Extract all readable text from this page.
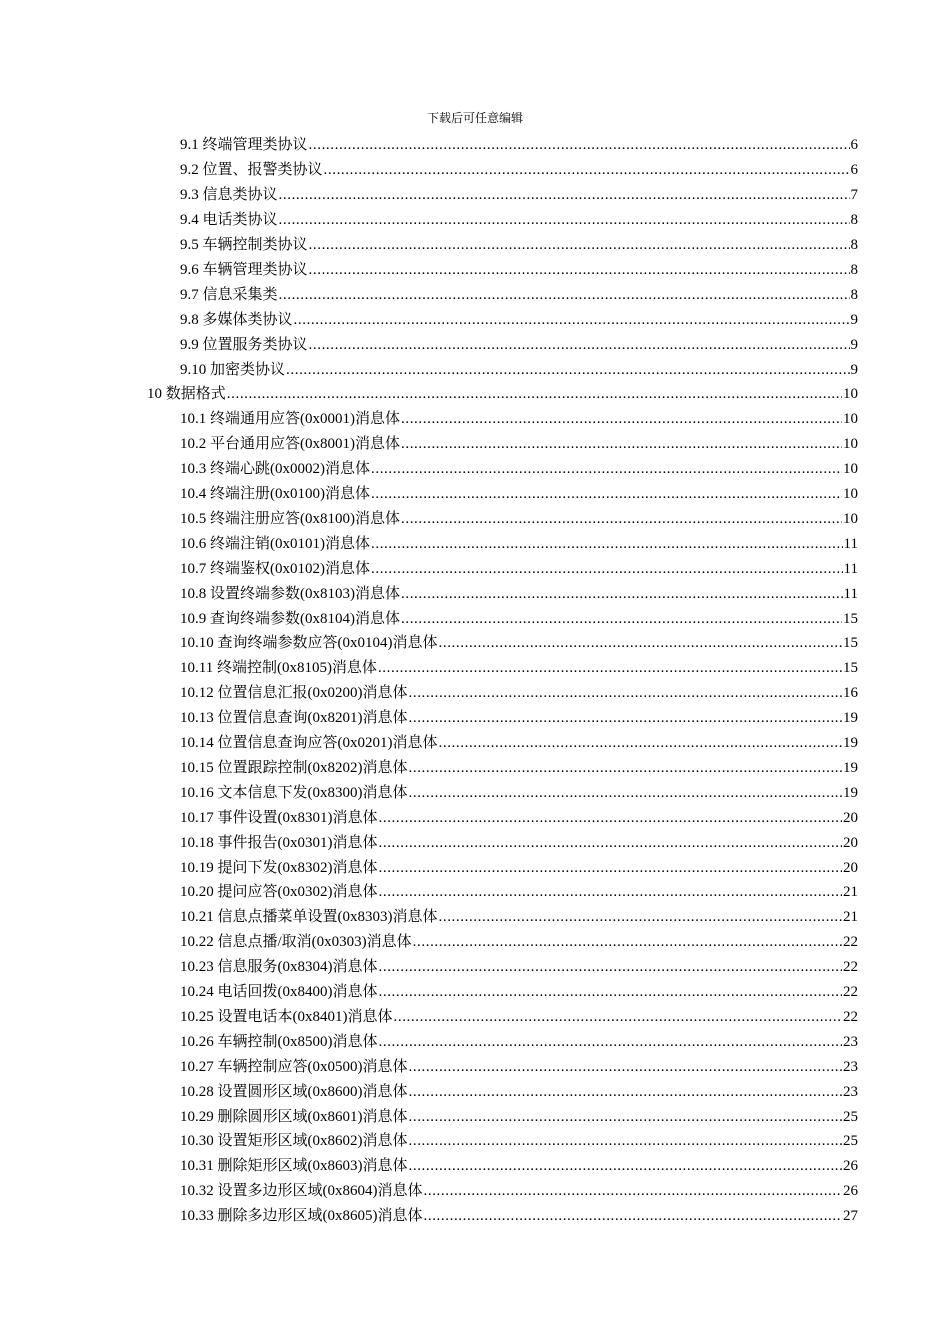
下载后可任意编辑
9.1 终端管理类协议 .....	6
9.2 位置、报警类协议 .....	6
9.3 信息类协议 .....	7
9.4 电话类协议 .....	8
9.5 车辆控制类协议 .....	8
9.6 车辆管理类协议 .....	8
9.7 信息采集类 .....	8
9.8 多媒体类协议 .....	9
9.9 位置服务类协议 .....	9
9.10 加密类协议 .....	9
10 数据格式 .....	10
10.1 终端通用应答(0x0001)消息体 .....	10
10.2 平台通用应答(0x8001)消息体 .....	10
10.3 终端心跳(0x0002)消息体 .....	10
10.4 终端注册(0x0100)消息体 .....	10
10.5 终端注册应答(0x8100)消息体 .....	10
10.6 终端注销(0x0101)消息体 .....	11
10.7 终端鉴权(0x0102)消息体 .....	11
10.8 设置终端参数(0x8103)消息体 .....	11
10.9 查询终端参数(0x8104)消息体 .....	15
10.10 查询终端参数应答(0x0104)消息体 .....	15
10.11 终端控制(0x8105)消息体 .....	15
10.12 位置信息汇报(0x0200)消息体 .....	16
10.13 位置信息查询(0x8201)消息体 .....	19
10.14 位置信息查询应答(0x0201)消息体 .....	19
10.15 位置跟踪控制(0x8202)消息体 .....	19
10.16 文本信息下发(0x8300)消息体 .....	19
10.17 事件设置(0x8301)消息体 .....	20
10.18 事件报告(0x0301)消息体 .....	20
10.19 提问下发(0x8302)消息体 .....	20
10.20 提问应答(0x0302)消息体 .....	21
10.21 信息点播菜单设置(0x8303)消息体 .....	21
10.22 信息点播/取消(0x0303)消息体 .....	22
10.23 信息服务(0x8304)消息体 .....	22
10.24 电话回拨(0x8400)消息体 .....	22
10.25 设置电话本(0x8401)消息体 .....	22
10.26 车辆控制(0x8500)消息体 .....	23
10.27 车辆控制应答(0x0500)消息体 .....	23
10.28 设置圆形区域(0x8600)消息体 .....	23
10.29 删除圆形区域(0x8601)消息体 .....	25
10.30 设置矩形区域(0x8602)消息体 .....	25
10.31 删除矩形区域(0x8603)消息体 .....	26
10.32 设置多边形区域(0x8604)消息体 .....	26
10.33 删除多边形区域(0x8605)消息体 .....	27
